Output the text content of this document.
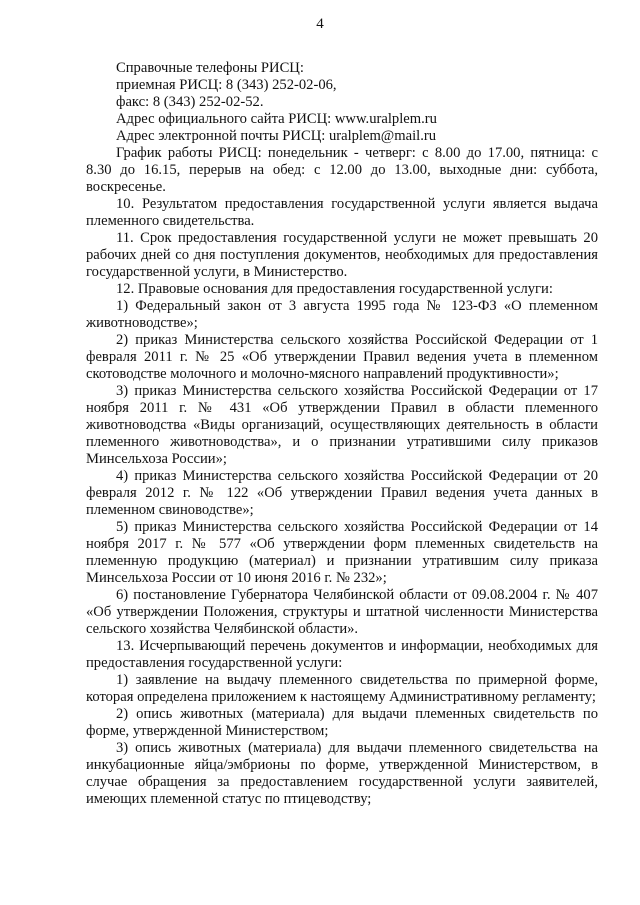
4
Справочные телефоны РИСЦ:
приемная РИСЦ: 8 (343) 252-02-06,
факс: 8 (343) 252-02-52.
Адрес официального сайта РИСЦ: www.uralplem.ru
Адрес электронной почты РИСЦ: uralplem@mail.ru

График работы РИСЦ: понедельник - четверг: с 8.00 до 17.00, пятница: с 8.30 до 16.15, перерыв на обед: с 12.00 до 13.00, выходные дни: суббота, воскресенье.

10. Результатом предоставления государственной услуги является выдача племенного свидетельства.

11. Срок предоставления государственной услуги не может превышать 20 рабочих дней со дня поступления документов, необходимых для предоставления государственной услуги, в Министерство.

12. Правовые основания для предоставления государственной услуги:

1) Федеральный закон от 3 августа 1995 года № 123-ФЗ «О племенном животноводстве»;

2) приказ Министерства сельского хозяйства Российской Федерации от 1 февраля 2011 г. № 25 «Об утверждении Правил ведения учета в племенном скотоводстве молочного и молочно-мясного направлений продуктивности»;

3) приказ Министерства сельского хозяйства Российской Федерации от 17 ноября 2011 г. № 431 «Об утверждении Правил в области племенного животноводства «Виды организаций, осуществляющих деятельность в области племенного животноводства», и о признании утратившими силу приказов Минсельхоза России»;

4) приказ Министерства сельского хозяйства Российской Федерации от 20 февраля 2012 г. № 122 «Об утверждении Правил ведения учета данных в племенном свиноводстве»;

5) приказ Министерства сельского хозяйства Российской Федерации от 14 ноября 2017 г. № 577 «Об утверждении форм племенных свидетельств на племенную продукцию (материал) и признании утратившим силу приказа Минсельхоза России от 10 июня 2016 г. № 232»;

6) постановление Губернатора Челябинской области от 09.08.2004 г. № 407 «Об утверждении Положения, структуры и штатной численности Министерства сельского хозяйства Челябинской области».

13. Исчерпывающий перечень документов и информации, необходимых для предоставления государственной услуги:

1) заявление на выдачу племенного свидетельства по примерной форме, которая определена приложением к настоящему Административному регламенту;

2) опись животных (материала) для выдачи племенных свидетельств по форме, утвержденной Министерством;

3) опись животных (материала) для выдачи племенного свидетельства на инкубационные яйца/эмбрионы по форме, утвержденной Министерством, в случае обращения за предоставлением государственной услуги заявителей, имеющих племенной статус по птицеводству;
